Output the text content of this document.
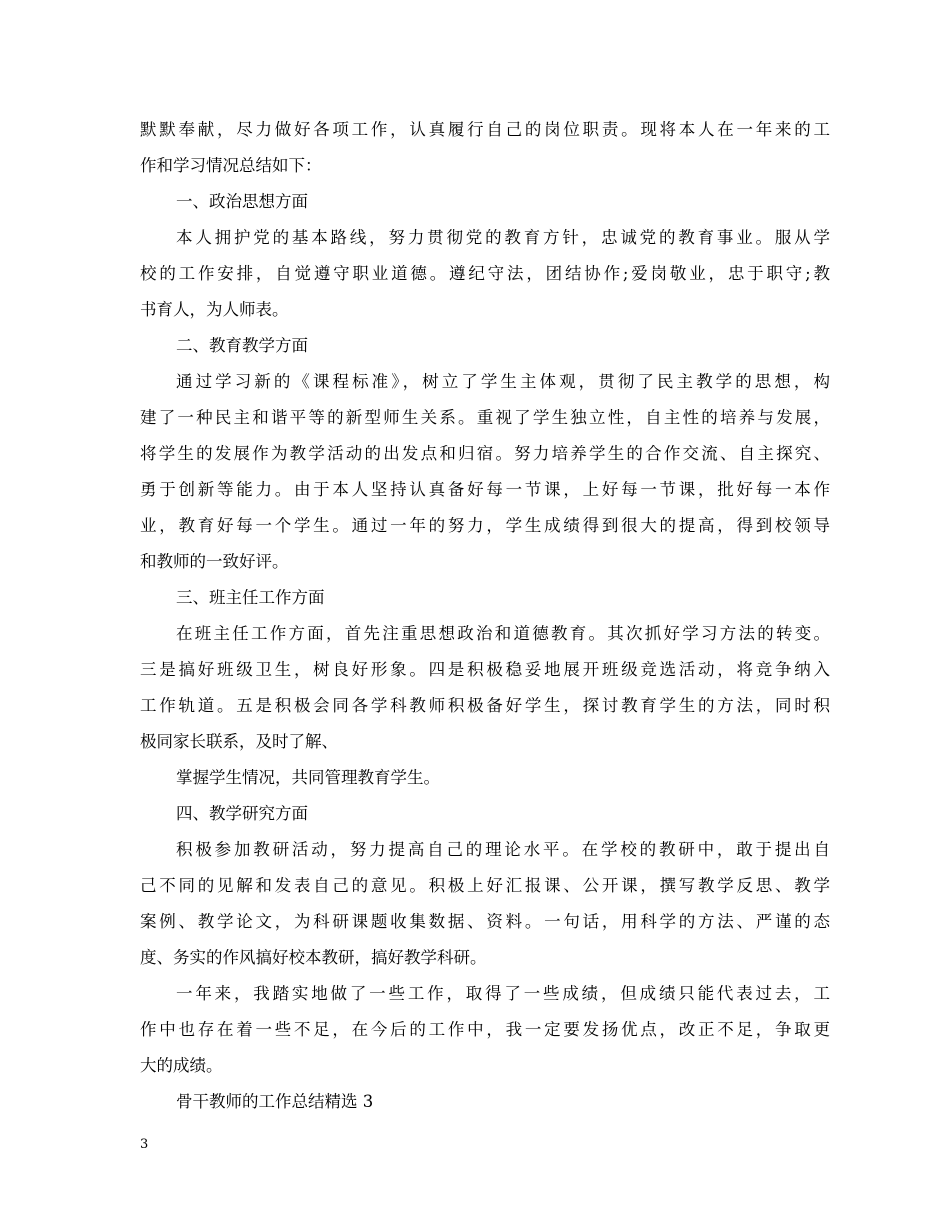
默默奉献，尽力做好各项工作，认真履行自己的岗位职责。现将本人在一年来的工
作和学习情况总结如下：
一、政治思想方面
本人拥护党的基本路线，努力贯彻党的教育方针，忠诚党的教育事业。服从学
校的工作安排，自觉遵守职业道德。遵纪守法，团结协作;爱岗敬业，忠于职守;教
书育人，为人师表。
二、教育教学方面
通过学习新的《课程标准》，树立了学生主体观，贯彻了民主教学的思想，构
建了一种民主和谐平等的新型师生关系。重视了学生独立性，自主性的培养与发展，
将学生的发展作为教学活动的出发点和归宿。努力培养学生的合作交流、自主探究、
勇于创新等能力。由于本人坚持认真备好每一节课，上好每一节课，批好每一本作
业，教育好每一个学生。通过一年的努力，学生成绩得到很大的提高，得到校领导
和教师的一致好评。
三、班主任工作方面
在班主任工作方面，首先注重思想政治和道德教育。其次抓好学习方法的转变。
三是搞好班级卫生，树良好形象。四是积极稳妥地展开班级竞选活动，将竞争纳入
工作轨道。五是积极会同各学科教师积极备好学生，探讨教育学生的方法，同时积
极同家长联系，及时了解、
掌握学生情况，共同管理教育学生。
四、教学研究方面
积极参加教研活动，努力提高自己的理论水平。在学校的教研中，敢于提出自
己不同的见解和发表自己的意见。积极上好汇报课、公开课，撰写教学反思、教学
案例、教学论文，为科研课题收集数据、资料。一句话，用科学的方法、严谨的态
度、务实的作风搞好校本教研，搞好教学科研。
一年来，我踏实地做了一些工作，取得了一些成绩，但成绩只能代表过去，工
作中也存在着一些不足，在今后的工作中，我一定要发扬优点，改正不足，争取更
大的成绩。
骨干教师的工作总结精选 3
3
